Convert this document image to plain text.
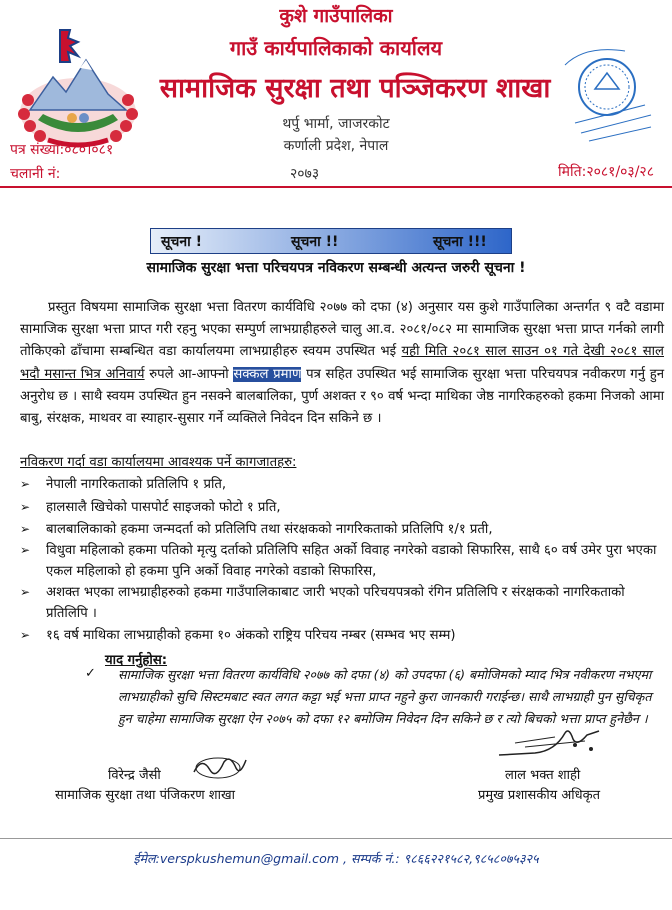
कुशे गाउँपालिका
गाउँ कार्यपालिकाको कार्यालय
सामाजिक सुरक्षा तथा पञ्जिकरण शाखा
थर्पु भार्मा, जाजरकोट
कर्णाली प्रदेश, नेपाल
पत्र संख्या:०८०।०८१
चलानी नं:	२०७३	मिति:२०८१/०३/२८
सूचना !	सूचना !!	सूचना !!!
सामाजिक सुरक्षा भत्ता परिचयपत्र नविकरण सम्बन्धी अत्यन्त जरुरी सूचना !
प्रस्तुत विषयमा सामाजिक सुरक्षा भत्ता वितरण कार्यविधि २०७७ को दफा (४) अनुसार यस कुशे गाउँपालिका अन्तर्गत ९ वटै वडामा सामाजिक सुरक्षा भत्ता प्राप्त गरी रहनु भएका सम्पुर्ण लाभग्राहीहरुले चालु आ.व. २०८१/०८२ मा सामाजिक सुरक्षा भत्ता प्राप्त गर्नको लागी तोकिएको ढाँचामा सम्बन्धित वडा कार्यालयमा लाभग्राहीहरु स्वयम उपस्थित भई यही मिति २०८१ साल साउन ०१ गते देखी २०८१ साल भदौ मसान्त भित्र अनिवार्य रुपले आ-आफ्नो सक्कल प्रमाण पत्र सहित उपस्थित भई सामाजिक सुरक्षा भत्ता परिचयपत्र नवीकरण गर्नु हुन अनुरोध छ । साथै स्वयम उपस्थित हुन नसक्ने बालबालिका, पुर्ण अशक्त र ९० वर्ष भन्दा माथिका जेष्ठ नागरिकहरुको हकमा निजको आमा बाबु, संरक्षक, माथवर वा स्याहार-सुसार गर्ने व्यक्तिले निवेदन दिन सकिने छ ।
नविकरण गर्दा वडा कार्यालयमा आवश्यक पर्ने कागजातहरु:
➢ नेपाली नागरिकताको प्रतिलिपि १ प्रति,
➢ हालसालै खिचेको पासपोर्ट साइजको फोटो १ प्रति,
➢ बालबालिकाको हकमा जन्मदर्ता को प्रतिलिपि तथा संरक्षकको नागरिकताको प्रतिलिपि १/१ प्रती,
➢ विधुवा महिलाको हकमा पतिको मृत्यु दर्ताको प्रतिलिपि सहित अर्को विवाह नगरेको वडाको सिफारिस, साथै ६० वर्ष उमेर पुरा भएका एकल महिलाको हो हकमा पुनि अर्को विवाह नगरेको वडाको सिफारिस,
➢ अशक्त भएका लाभग्राहीहरुको हकमा गाउँपालिकाबाट जारी भएको परिचयपत्रको रंगिन प्रतिलिपि र संरक्षकको नागरिकताको प्रतिलिपि ।
➢ १६ वर्ष माथिका लाभग्राहीको हकमा १० अंकको राष्ट्रिय परिचय नम्बर (सम्भव भए सम्म)
याद गर्नुहोस:
✓ सामाजिक सुरक्षा भत्ता वितरण कार्यविधि २०७७ को दफा (४) को उपदफा (६) बमोजिमको म्याद भित्र नवीकरण नभएमा लाभग्राहीको सुचि सिस्टमबाट स्वत लगत कट्टा भई भत्ता प्राप्त नहुने कुरा जानकारी गराईन्छ। साथै लाभग्राही पुन सुचिकृत हुन चाहेमा सामाजिक सुरक्षा ऐन २०७५ को दफा १२ बमोजिम निवेदन दिन सकिने छ र त्यो बिचको भत्ता प्राप्त हुनेछैन ।
विरेन्द्र जैसी
सामाजिक सुरक्षा तथा पंजिकरण शाखा
लाल भक्त शाही
प्रमुख प्रशासकीय अधिकृत
ईमेल:verspkushemun@gmail.com , सम्पर्क नं.: ९८६६२२१५८२,९८५८०७५३२५
